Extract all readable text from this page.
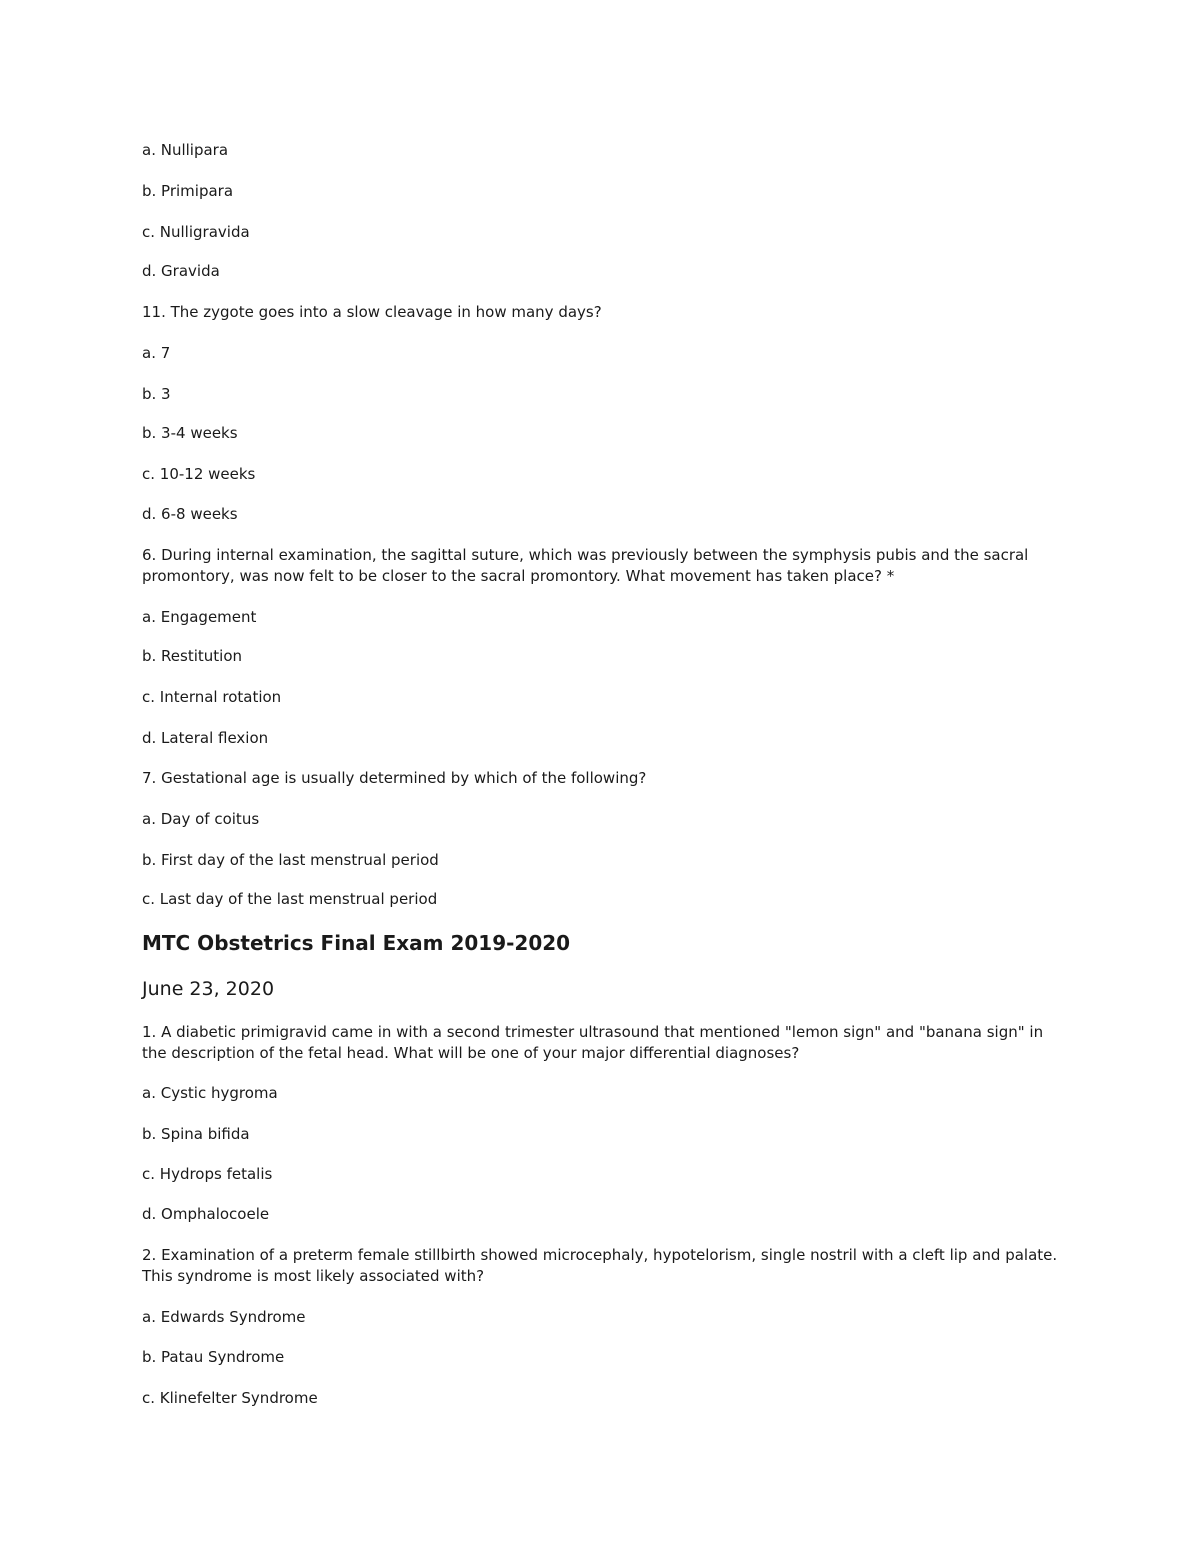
a. Nullipara
b. Primipara
c. Nulligravida
d. Gravida
11. The zygote goes into a slow cleavage in how many days?
a. 7
b. 3
b. 3-4 weeks
c. 10-12 weeks
d. 6-8 weeks
6. During internal examination, the sagittal suture, which was previously between the symphysis pubis and the sacral promontory, was now felt to be closer to the sacral promontory. What movement has taken place? *
a. Engagement
b. Restitution
c. Internal rotation
d. Lateral flexion
7. Gestational age is usually determined by which of the following?
a. Day of coitus
b. First day of the last menstrual period
c. Last day of the last menstrual period
MTC Obstetrics Final Exam 2019-2020
June 23, 2020
1. A diabetic primigravid came in with a second trimester ultrasound that mentioned "lemon sign" and "banana sign" in the description of the fetal head. What will be one of your major differential diagnoses?
a. Cystic hygroma
b. Spina bifida
c. Hydrops fetalis
d. Omphalocoele
2. Examination of a preterm female stillbirth showed microcephaly, hypotelorism, single nostril with a cleft lip and palate. This syndrome is most likely associated with?
a. Edwards Syndrome
b. Patau Syndrome
c. Klinefelter Syndrome
